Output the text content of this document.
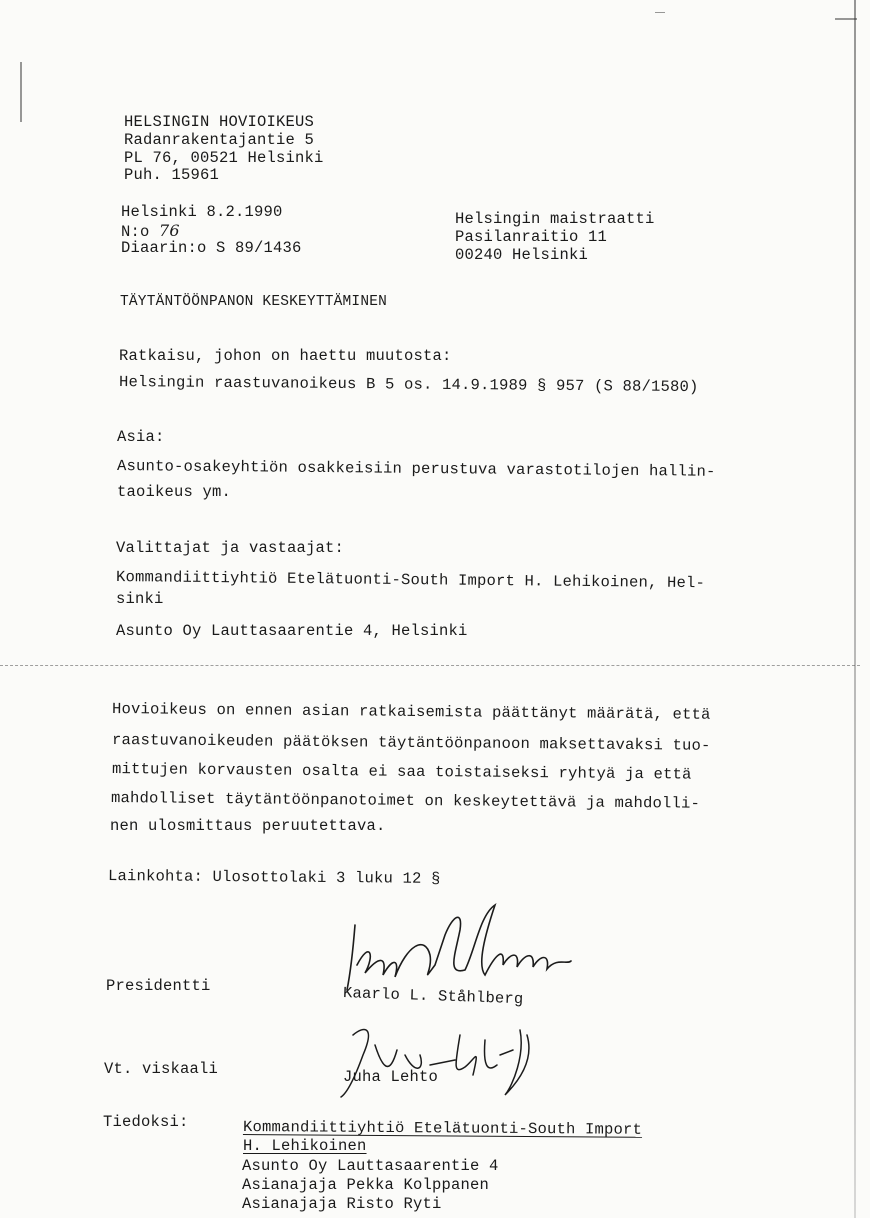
HELSINGIN HOVIOIKEUS
Radanrakentajantie 5
PL 76, 00521 Helsinki
Puh. 15961
Helsinki 8.2.1990
N:o 76
Diaarin:o S 89/1436
Helsingin maistraatti
Pasilanraitio 11
00240 Helsinki
TÄYTÄNTÖÖNPANON KESKEYTTÄMINEN
Ratkaisu, johon on haettu muutosta:
Helsingin raastuvanoikeus B 5 os. 14.9.1989 § 957 (S 88/1580)
Asia:
Asunto-osakeyhtiön osakkeisiin perustuva varastotilojen hallin-
taoikeus ym.
Valittajat ja vastaajat:
Kommandiittiyhtiö Etelätuonti-South Import H. Lehikoinen, Hel-
sinki
Asunto Oy Lauttasaarentie 4, Helsinki
Hovioikeus on ennen asian ratkaisemista päättänyt määrätä, että
raastuvanoikeuden päätöksen täytäntöönpanoon maksettavaksi tuo-
mittujen korvausten osalta ei saa toistaiseksi ryhtyä ja että
mahdolliset täytäntöönpanotoimet on keskeytettävä ja mahdolli-
nen ulosmittaus peruutettava.
Lainkohta: Ulosottolaki 3 luku 12 §
Presidentti	Kaarlo L. Ståhlberg
Vt. viskaali	Juha Lehto
Tiedoksi:	Kommandiittiyhtiö Etelätuonti-South Import
H. Lehikoinen
Asunto Oy Lauttasaarentie 4
Asianajaja Pekka Kolppanen
Asianajaja Risto Ryti
